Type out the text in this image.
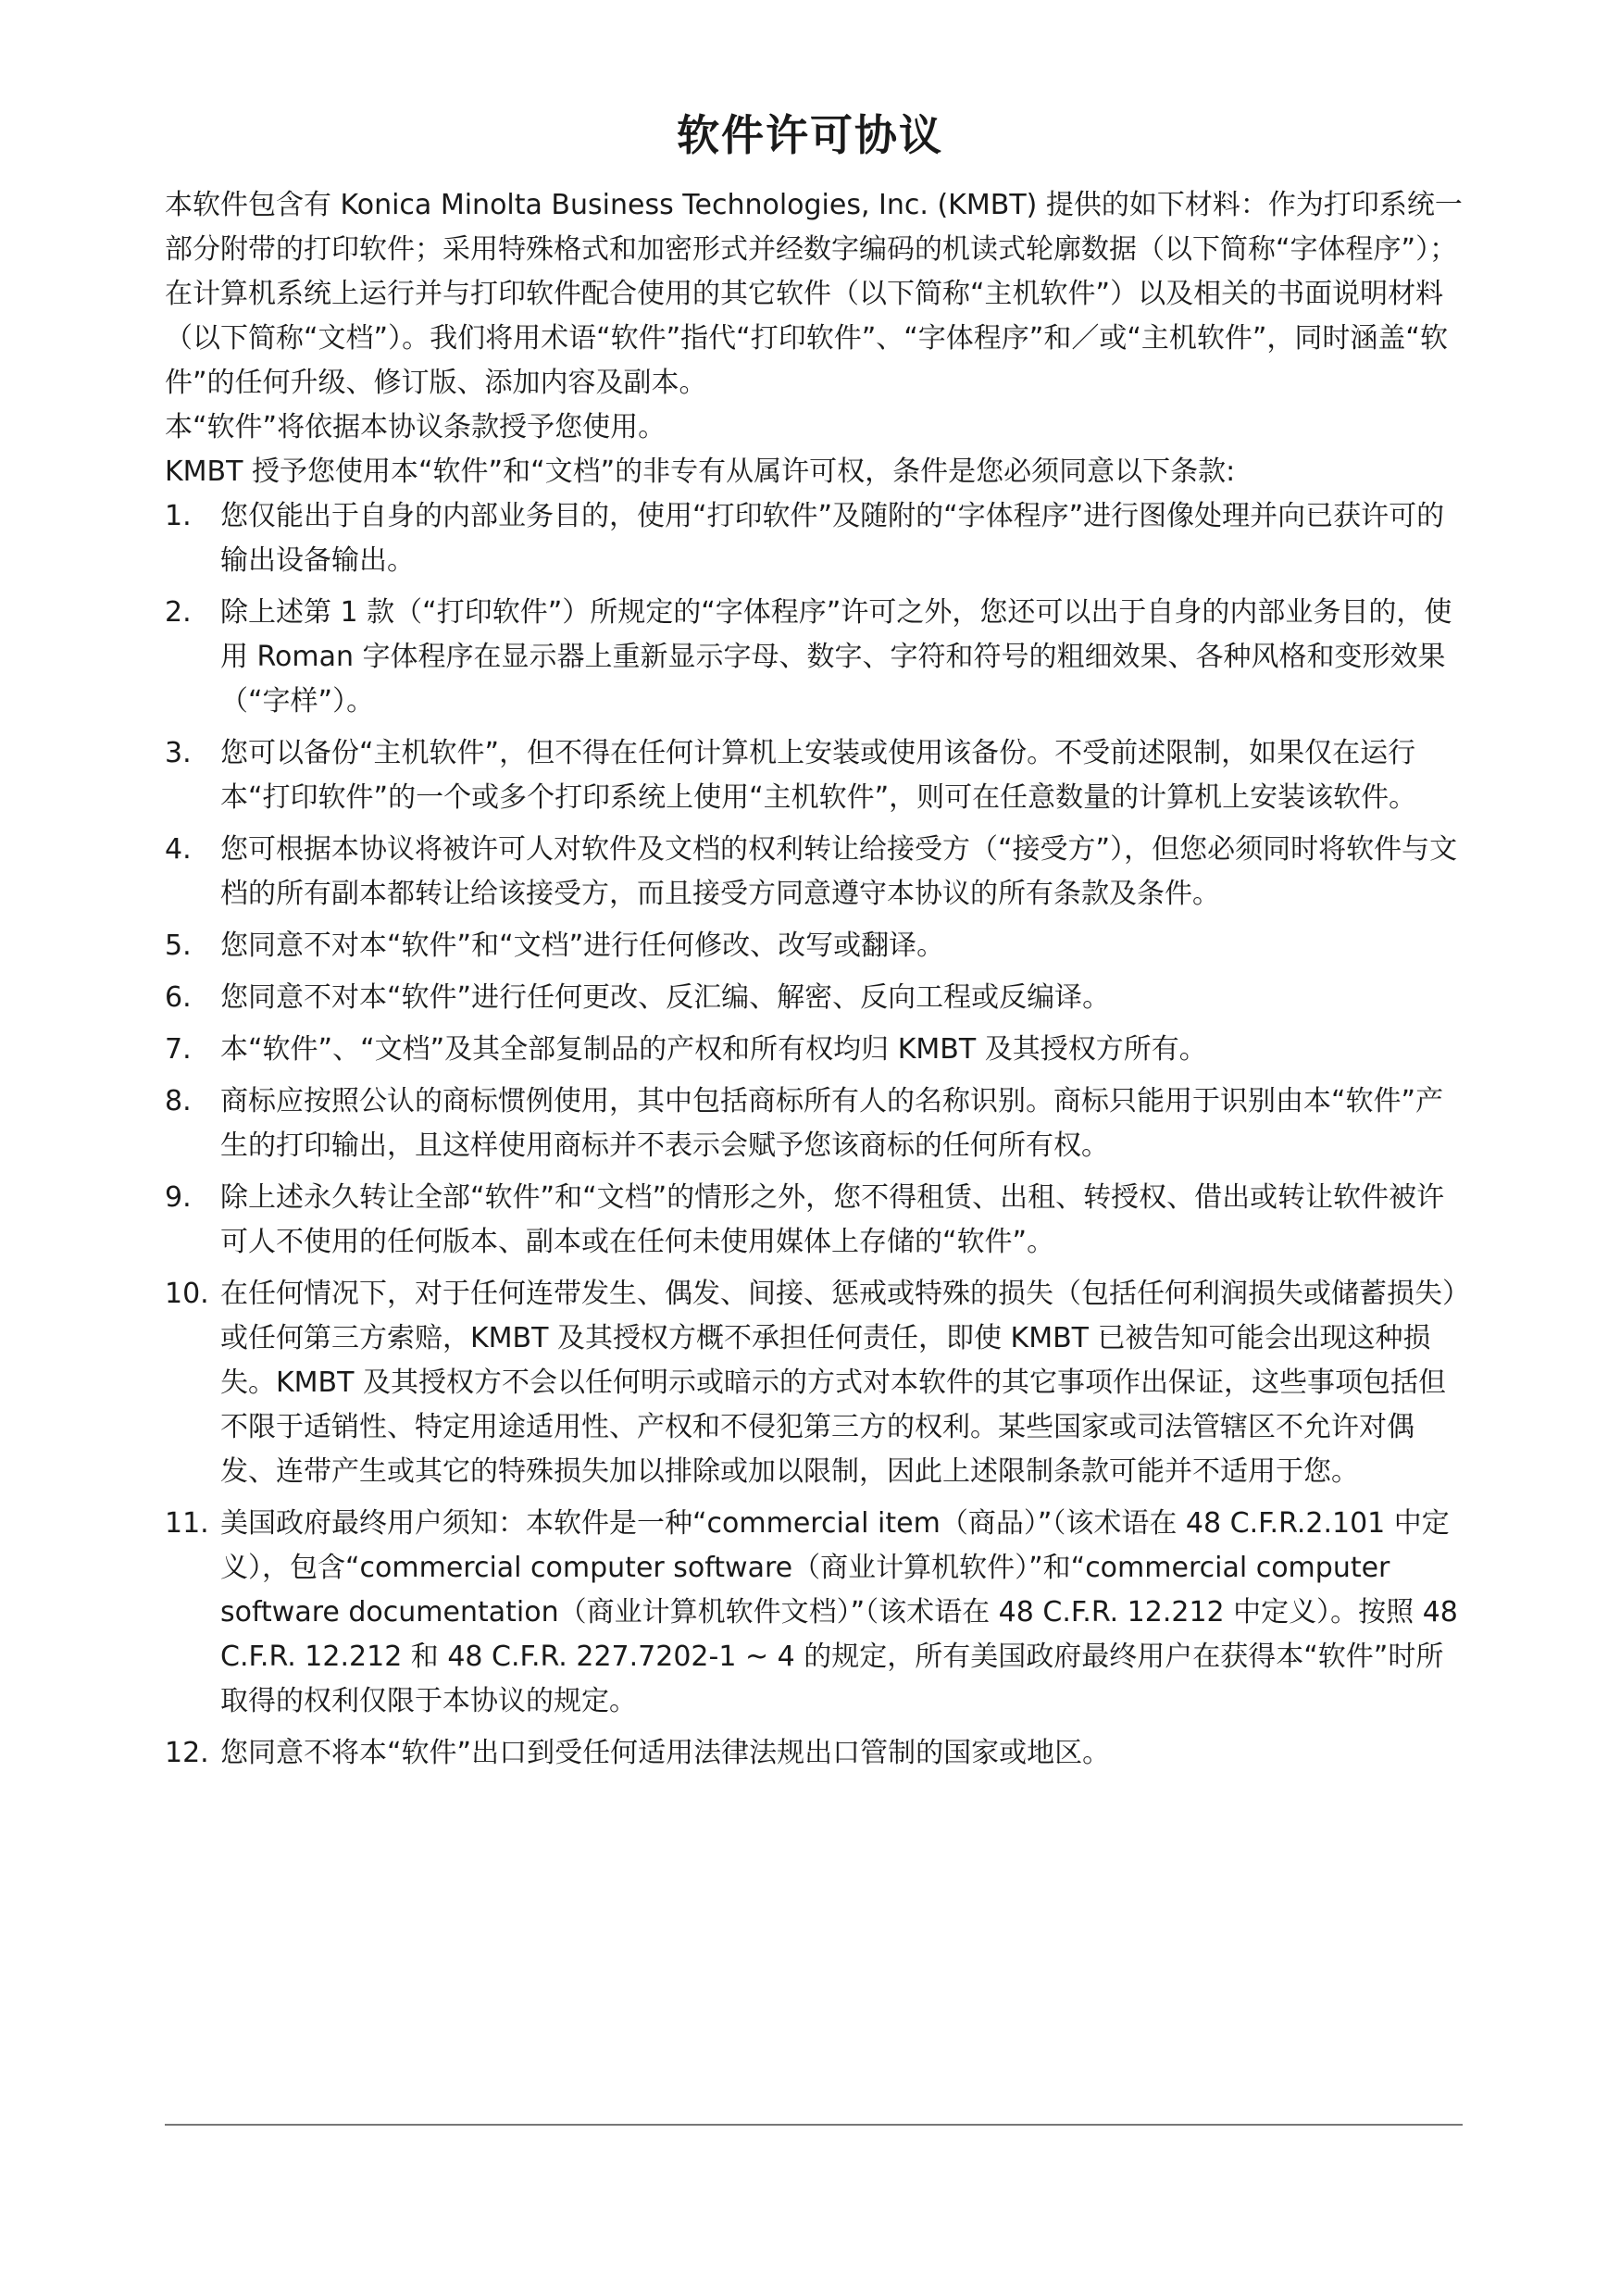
软件许可协议

本软件包含有 Konica Minolta Business Technologies, Inc. (KMBT) 提供的如下材料：作为打印系统一部分附带的打印软件；采用特殊格式和加密形式并经数字编码的机读式轮廓数据（以下简称“字体程序”）；在计算机系统上运行并与打印软件配合使用的其它软件（以下简称“主机软件”）以及相关的书面说明材料（以下简称“文档”）。我们将用术语“软件”指代“打印软件”、“字体程序”和／或“主机软件”，同时涵盖“软件”的任何升级、修订版、添加内容及副本。

本“软件”将依据本协议条款授予您使用。

KMBT 授予您使用本“软件”和“文档”的非专有从属许可权，条件是您必须同意以下条款:

1.	您仅能出于自身的内部业务目的，使用“打印软件”及随附的“字体程序”进行图像处理并向已获许可的输出设备输出。
2.	除上述第 1 款（“打印软件”）所规定的“字体程序”许可之外，您还可以出于自身的内部业务目的，使用 Roman 字体程序在显示器上重新显示字母、数字、字符和符号的粗细效果、各种风格和变形效果（“字样”）。
3.	您可以备份“主机软件”，但不得在任何计算机上安装或使用该备份。不受前述限制，如果仅在运行本“打印软件”的一个或多个打印系统上使用“主机软件”，则可在任意数量的计算机上安装该软件。
4.	您可根据本协议将被许可人对软件及文档的权利转让给接受方（“接受方”），但您必须同时将软件与文档的所有副本都转让给该接受方，而且接受方同意遵守本协议的所有条款及条件。
5.	您同意不对本“软件”和“文档”进行任何修改、改写或翻译。
6.	您同意不对本“软件”进行任何更改、反汇编、解密、反向工程或反编译。
7.	本“软件”、“文档”及其全部复制品的产权和所有权均归 KMBT 及其授权方所有。
8.	商标应按照公认的商标惯例使用，其中包括商标所有人的名称识别。商标只能用于识别由本“软件”产生的打印输出，且这样使用商标并不表示会赋予您该商标的任何所有权。
9.	除上述永久转让全部“软件”和“文档”的情形之外，您不得租赁、出租、转授权、借出或转让软件被许可人不使用的任何版本、副本或在任何未使用媒体上存储的“软件”。
10. 在任何情况下，对于任何连带发生、偶发、间接、惩戒或特殊的损失（包括任何利润损失或储蓄损失）或任何第三方索赔，KMBT 及其授权方概不承担任何责任，即使 KMBT 已被告知可能会出现这种损失。KMBT 及其授权方不会以任何明示或暗示的方式对本软件的其它事项作出保证，这些事项包括但不限于适销性、特定用途适用性、产权和不侵犯第三方的权利。某些国家或司法管辖区不允许对偶发、连带产生或其它的特殊损失加以排除或加以限制，因此上述限制条款可能并不适用于您。
11. 美国政府最终用户须知：本软件是一种“commercial item（商品）”（该术语在 48 C.F.R.2.101 中定义），包含“commercial computer software（商业计算机软件）”和“commercial computer software documentation（商业计算机软件文档）”（该术语在 48 C.F.R. 12.212 中定义）。按照 48 C.F.R. 12.212 和 48 C.F.R. 227.7202-1 ~ 4 的规定，所有美国政府最终用户在获得本“软件”时所取得的权利仅限于本协议的规定。
12. 您同意不将本“软件”出口到受任何适用法律法规出口管制的国家或地区。
